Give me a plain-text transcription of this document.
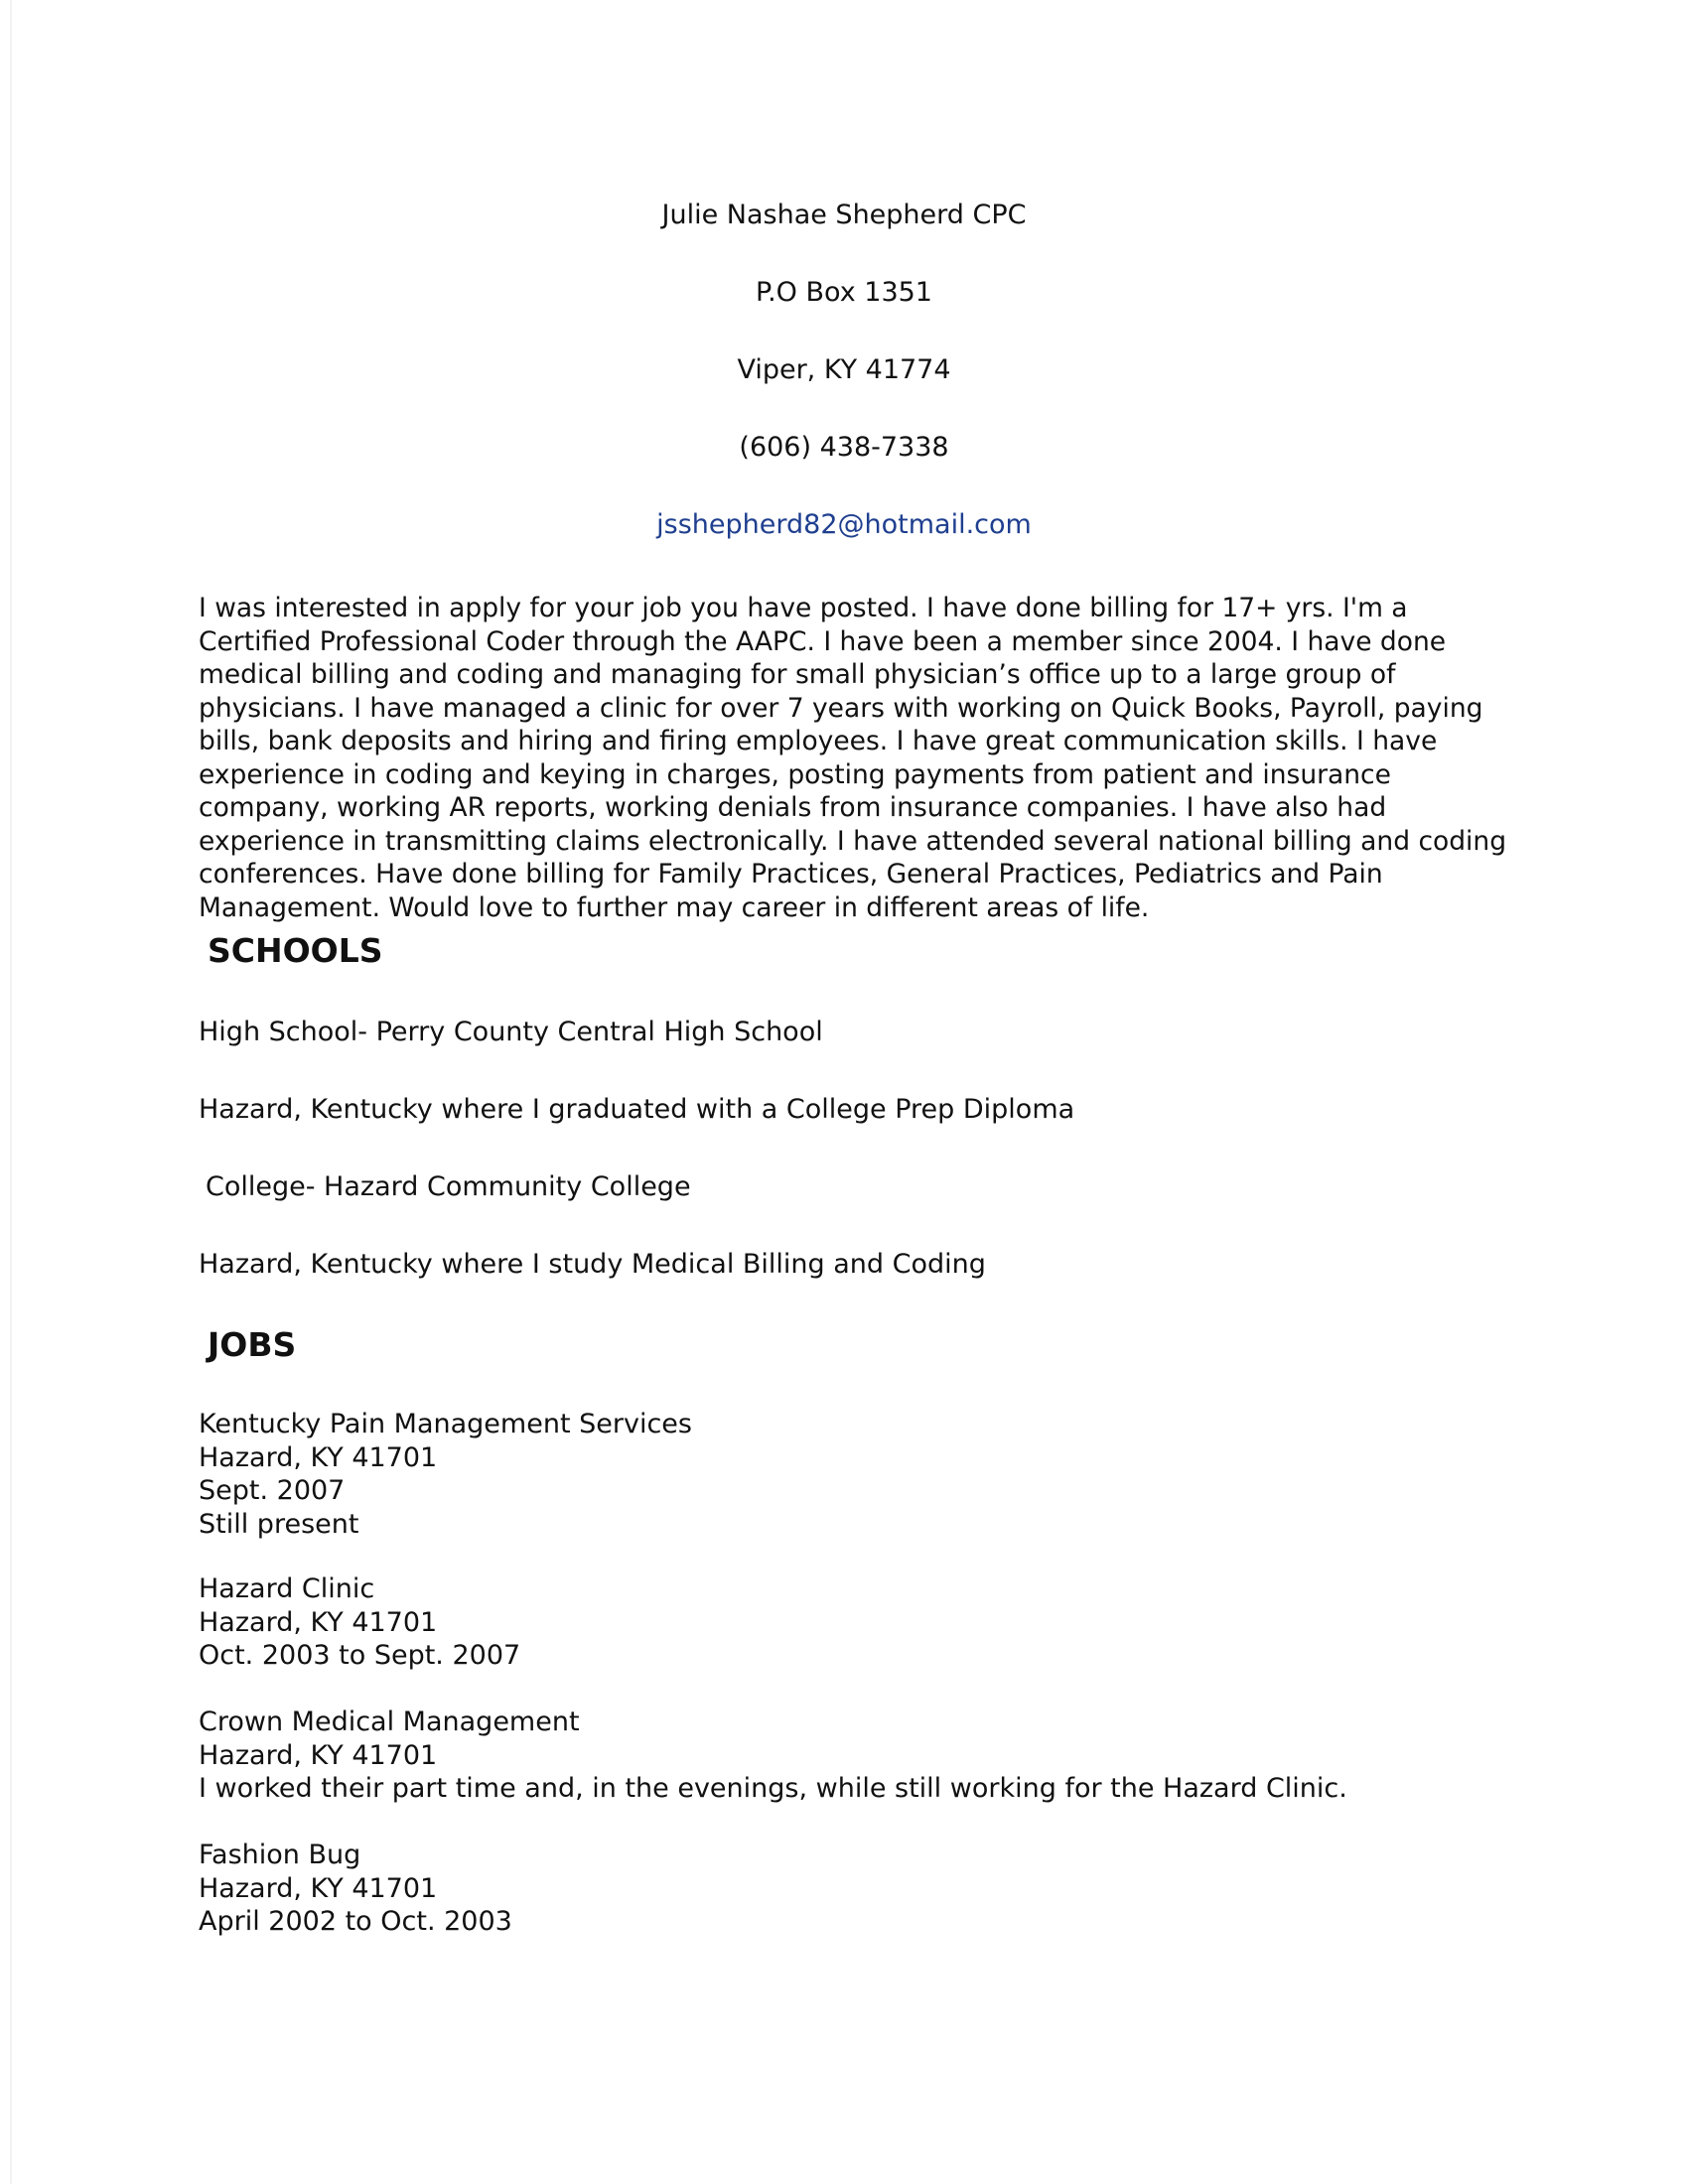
Julie Nashae Shepherd CPC
P.O Box 1351
Viper, KY 41774
(606) 438-7338
jsshepherd82@hotmail.com

I was interested in apply for your job you have posted. I have done billing for 17+ yrs. I'm a Certified Professional Coder through the AAPC. I have been a member since 2004. I have done medical billing and coding and managing for small physician’s office up to a large group of physicians. I have managed a clinic for over 7 years with working on Quick Books, Payroll, paying bills, bank deposits and hiring and firing employees. I have great communication skills. I have experience in coding and keying in charges, posting payments from patient and insurance company, working AR reports, working denials from insurance companies. I have also had experience in transmitting claims electronically. I have attended several national billing and coding conferences. Have done billing for Family Practices, General Practices, Pediatrics and Pain Management. Would love to further may career in different areas of life.

SCHOOLS
High School- Perry County Central High School
Hazard, Kentucky where I graduated with a College Prep Diploma
College- Hazard Community College
Hazard, Kentucky where I study Medical Billing and Coding
JOBS
Kentucky Pain Management Services
Hazard, KY 41701
Sept. 2007
Still present
Hazard Clinic
Hazard, KY 41701
Oct. 2003 to Sept. 2007
Crown Medical Management
Hazard, KY 41701
I worked their part time and, in the evenings, while still working for the Hazard Clinic.
Fashion Bug
Hazard, KY 41701
April 2002 to Oct. 2003
